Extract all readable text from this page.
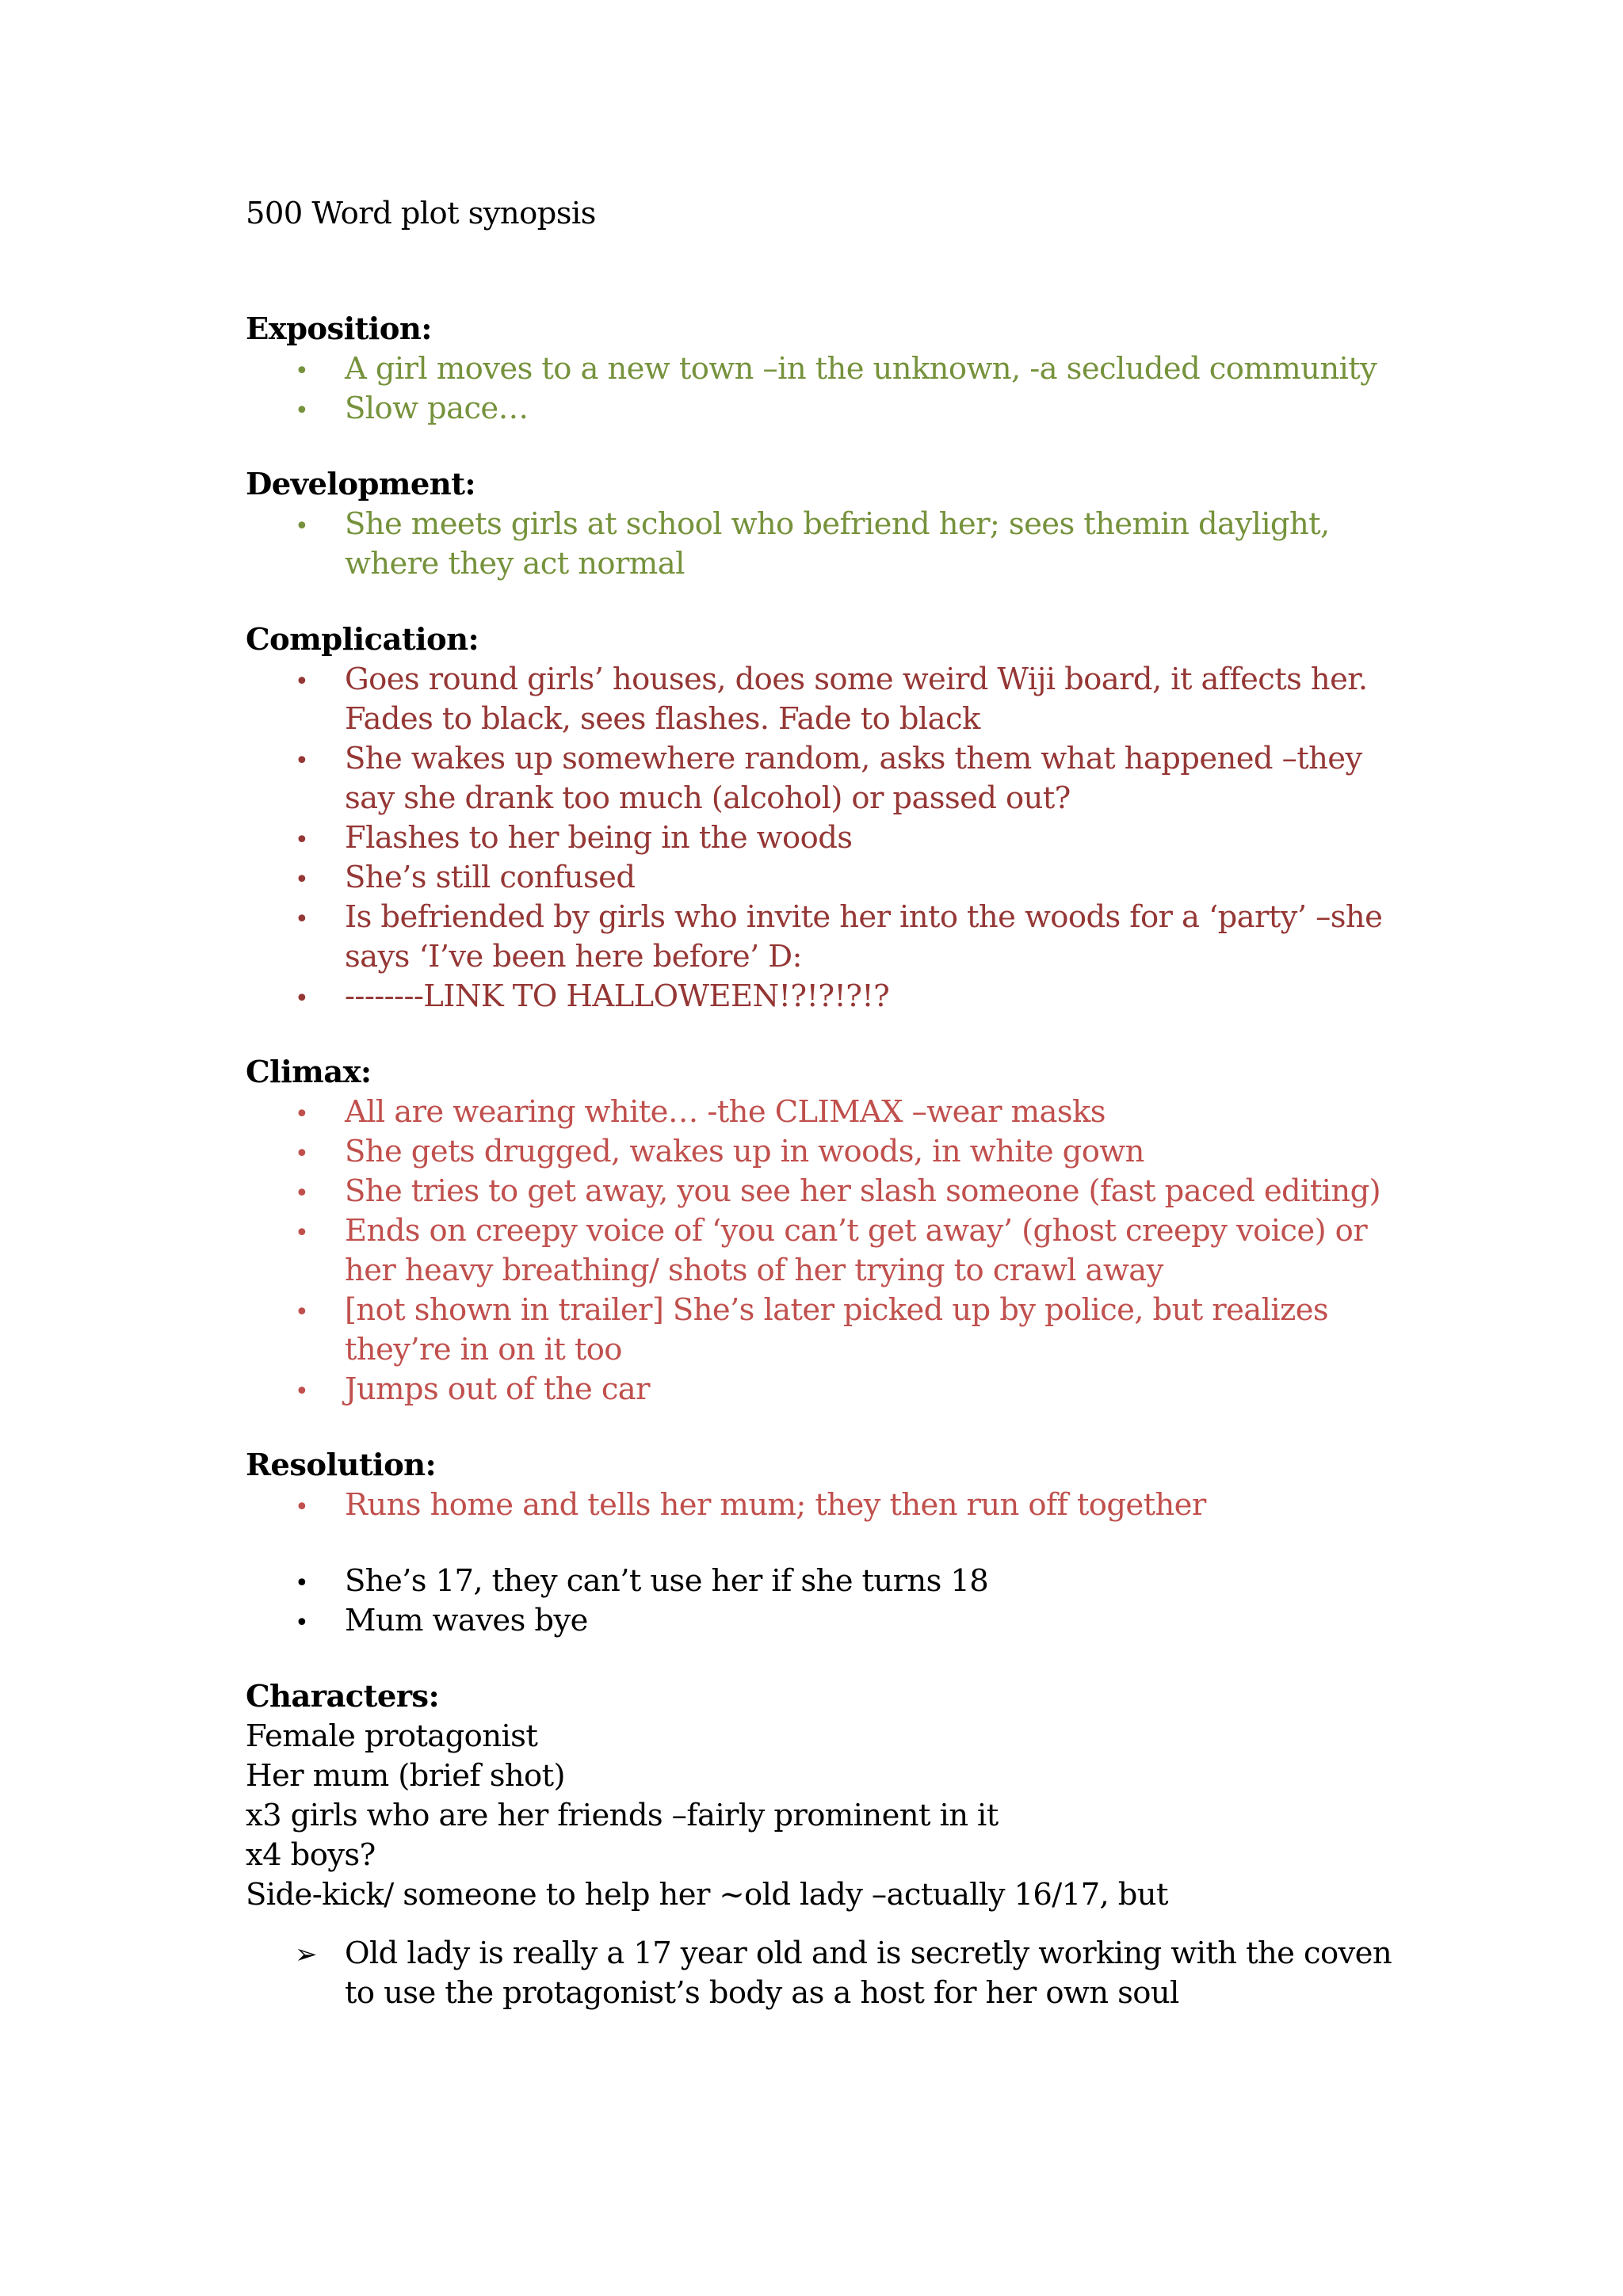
500 Word plot synopsis

Exposition:

•
A girl moves to a new town –in the unknown, -a secluded community
•
Slow pace…

Development:

•
She meets girls at school who befriend her; sees themin daylight, where they act normal

Complication:

•
Goes round girls’ houses, does some weird Wiji board, it affects her. Fades to black, sees flashes. Fade to black
•
She wakes up somewhere random, asks them what happened –they say she drank too much (alcohol) or passed out?
•
Flashes to her being in the woods
•
She’s still confused
•
Is befriended by girls who invite her into the woods for a ‘party’ –she says ‘I’ve been here before’ D:
•
--------LINK TO HALLOWEEN!?!?!?!?

Climax:

•
All are wearing white… -the CLIMAX –wear masks
•
She gets drugged, wakes up in woods, in white gown
•
She tries to get away, you see her slash someone (fast paced editing)
•
Ends on creepy voice of ‘you can’t get away’ (ghost creepy voice) or her heavy breathing/ shots of her trying to crawl away
•
[not shown in trailer] She’s later picked up by police, but realizes they’re in on it too
•
Jumps out of the car

Resolution:

•
Runs home and tells her mum; they then run off together
•
She’s 17, they can’t use her if she turns 18
•
Mum waves bye

Characters:

Female protagonist

Her mum (brief shot)

x3 girls who are her friends –fairly prominent in it

x4 boys?

Side-kick/ someone to help her ~old lady –actually 16/17, but

➢
Old lady is really a 17 year old and is secretly working with the coven to use the protagonist’s body as a host for her own soul
